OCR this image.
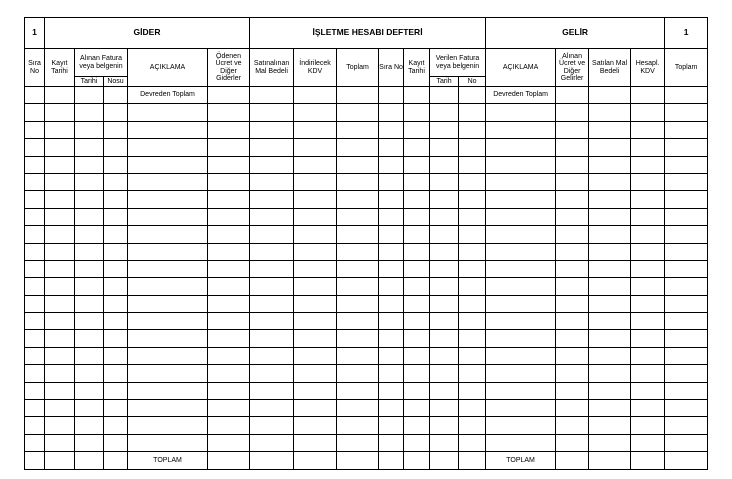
1	GİDER					İŞLETME HESABI DEFTERİ							GELİR				1
Sıra No	Kayıt Tarihi	Alınan Fatura veya belgenin		AÇIKLAMA	Ödenen Ücret ve Diğer Giderler	Satınalınan Mal Bedeli	İndirilecek KDV	Toplam	Sıra No	Kayıt Tarihi	Verilen Fatura veya belgenin		AÇIKLAMA	Alınan Ücret ve Diğer Gelirler	Satılan Mal Bedeli	Hesapl. KDV	Toplam
		Tarihi	Nosu								Tarih	No					
				Devreden Toplam									Devreden Toplam				

				TOPLAM									TOPLAM				
